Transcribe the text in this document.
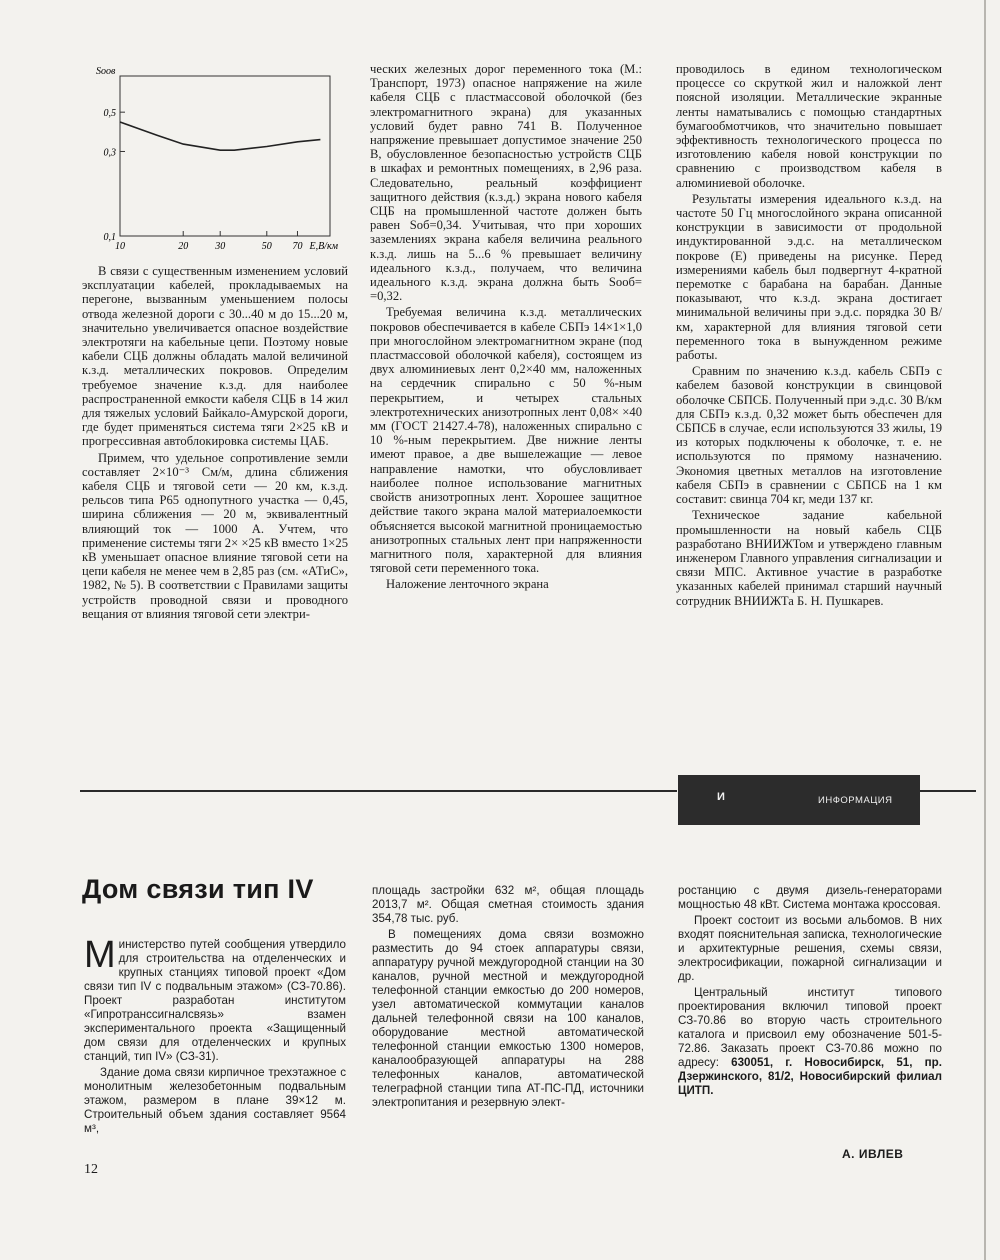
Sоов
0,1
0,3
0,5
10	20	30	50 70 E,В/км

В связи с существенным изменением условий эксплуатации кабелей, прокладываемых на перегоне, вызванным уменьшением полосы отвода железной дороги с 30...40 м до 15...20 м, значительно увеличивается опасное воздействие электротяги на кабельные цепи. Поэтому новые кабели СЦБ должны обладать малой величиной к.з.д. металлических покровов. Определим требуемое значение к.з.д. для наиболее распространенной емкости кабеля СЦБ в 14 жил для тяжелых условий Байкало-Амурской дороги, где будет применяться система тяги 2×25 кВ и прогрессивная автоблокировка системы ЦАБ.

Примем, что удельное сопротивление земли составляет 2×10⁻³ См/м, длина сближения кабеля СЦБ и тяговой сети — 20 км, к.з.д. рельсов типа Р65 однопутного участка — 0,45, ширина сближения — 20 м, эквивалентный влияющий ток — 1000 А. Учтем, что применение системы тяги 2× ×25 кВ вместо 1×25 кВ уменьшает опасное влияние тяговой сети на цепи кабеля не менее чем в 2,85 раз (см. «АТиС», 1982, № 5). В соответствии с Правилами защиты устройств проводной связи и проводного вещания от влияния тяговой сети электри-

ческих железных дорог переменного тока (М.: Транспорт, 1973) опасное напряжение на жиле кабеля СЦБ с пластмассовой оболочкой (без электромагнитного экрана) для указанных условий будет равно 741 В. Полученное напряжение превышает допустимое значение 250 В, обусловленное безопасностью устройств СЦБ в шкафах и ремонтных помещениях, в 2,96 раза. Следовательно, реальный коэффициент защитного действия (к.з.д.) экрана нового кабеля СЦБ на промышленной частоте должен быть равен Sоб=0,34. Учитывая, что при хороших заземлениях экрана кабеля величина реального к.з.д. лишь на 5...6 % превышает величину идеального к.з.д., получаем, что величина идеального к.з.д. экрана должна быть Sооб= =0,32.

Требуемая величина к.з.д. металлических покровов обеспечивается в кабеле СБПэ 14×1×1,0 при многослойном электромагнитном экране (под пластмассовой оболочкой кабеля), состоящем из двух алюминиевых лент 0,2×40 мм, наложенных на сердечник спирально с 50 %-ным перекрытием, и четырех стальных электротехнических анизотропных лент 0,08× ×40 мм (ГОСТ 21427.4-78), наложенных спирально с 10 %-ным перекрытием. Две нижние ленты имеют правое, а две вышележащие — левое направление намотки, что обусловливает наиболее полное использование магнитных свойств анизотропных лент. Хорошее защитное действие такого экрана малой материалоемкости объясняется высокой магнитной проницаемостью анизотропных стальных лент при напряженности магнитного поля, характерной для влияния тяговой сети переменного тока.

Наложение ленточного экрана

проводилось в едином технологическом процессе со скруткой жил и наложкой лент поясной изоляции. Металлические экранные ленты наматывались с помощью стандартных бумагообмотчиков, что значительно повышает эффективность технологического процесса по изготовлению кабеля новой конструкции по сравнению с производством кабеля в алюминиевой оболочке.

Результаты измерения идеального к.з.д. на частоте 50 Гц многослойного экрана описанной конструкции в зависимости от продольной индуктированной э.д.с. на металлическом покрове (Е) приведены на рисунке. Перед измерениями кабель был подвергнут 4-кратной перемотке с барабана на барабан. Данные показывают, что к.з.д. экрана достигает минимальной величины при э.д.с. порядка 30 В/км, характерной для влияния тяговой сети переменного тока в вынужденном режиме работы.

Сравним по значению к.з.д. кабель СБПэ с кабелем базовой конструкции в свинцовой оболочке СБПСБ. Полученный при э.д.с. 30 В/км для СБПэ к.з.д. 0,32 может быть обеспечен для СБПСБ в случае, если используются 33 жилы, 19 из которых подключены к оболочке, т. е. не используются по прямому назначению. Экономия цветных металлов на изготовление кабеля СБПэ в сравнении с СБПСБ на 1 км составит: свинца 704 кг, меди 137 кг.

Техническое задание кабельной промышленности на новый кабель СЦБ разработано ВНИИЖТом и утверждено главным инженером Главного управления сигнализации и связи МПС. Активное участие в разработке указанных кабелей принимал старший научный сотрудник ВНИИЖТа Б. Н. Пушкарев.

И	ИНФОРМАЦИЯ
Дом связи тип IV

Министерство путей сообщения утвердило для строительства на отделенческих и крупных станциях типовой проект «Дом связи тип IV с подвальным этажом» (СЗ-70.86). Проект разработан институтом «Гипротранссигналсвязь» взамен экспериментального проекта «Защищенный дом связи для отделенческих и крупных станций, тип IV» (СЗ-31).

Здание дома связи кирпичное трехэтажное с монолитным железобетонным подвальным этажом, размером в плане 39×12 м. Строительный объем здания составляет 9564 м³,

площадь застройки 632 м², общая площадь 2013,7 м². Общая сметная стоимость здания 354,78 тыс. руб.

В помещениях дома связи возможно разместить до 94 стоек аппаратуры связи, аппаратуру ручной междугородной станции на 30 каналов, ручной местной и междугородной телефонной станции емкостью до 200 номеров, узел автоматической коммутации каналов дальней телефонной связи на 100 каналов, оборудование местной автоматической телефонной станции емкостью 1300 номеров, каналообразующей аппаратуры на 288 телефонных каналов, автоматической телеграфной станции типа АТ-ПС-ПД, источники электропитания и резервную элект-

ростанцию с двумя дизель-генераторами мощностью 48 кВт. Система монтажа кроссовая.

Проект состоит из восьми альбомов. В них входят пояснительная записка, технологические и архитектурные решения, схемы связи, электросификации, пожарной сигнализации и др.

Центральный институт типового проектирования включил типовой проект СЗ-70.86 во вторую часть строительного каталога и присвоил ему обозначение 501-5-72.86. Заказать проект СЗ-70.86 можно по адресу: 630051, г. Новосибирск, 51, пр. Дзержинского, 81/2, Новосибирский филиал ЦИТП.

А. ИВЛЕВ
12
